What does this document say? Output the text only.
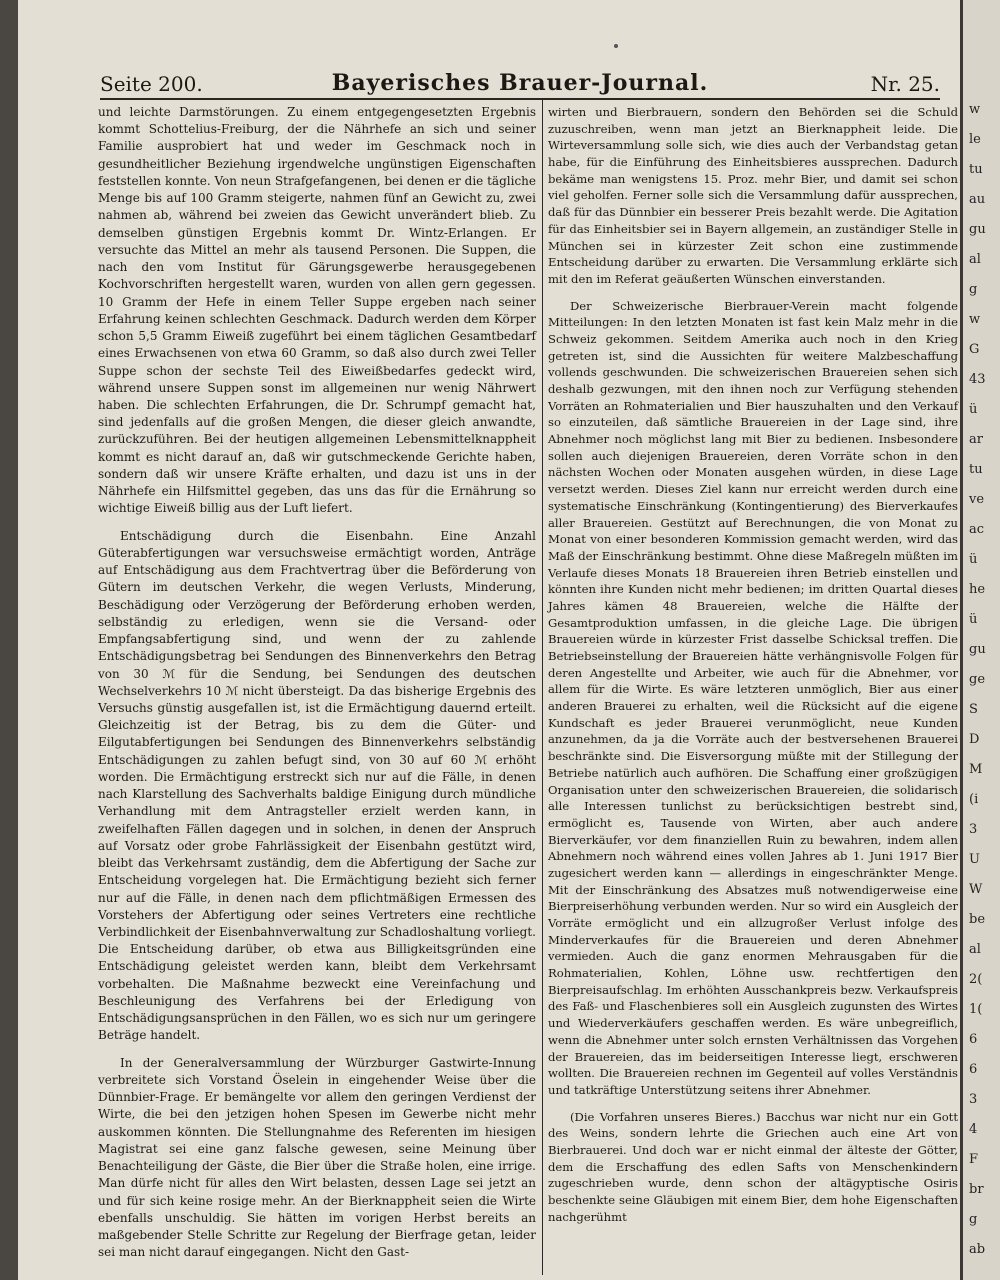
Seite 200.	Bayerisches Brauer-Journal.	Nr. 25.

und leichte Darmstörungen. Zu einem entgegengesetzten Ergebnis kommt Schottelius-Freiburg, der die Nährhefe an sich und seiner Familie ausprobiert hat und weder im Geschmack noch in gesundheitlicher Beziehung irgendwelche ungünstigen Eigenschaften feststellen konnte. Von neun Strafgefangenen, bei denen er die tägliche Menge bis auf 100 Gramm steigerte, nahmen fünf an Gewicht zu, zwei nahmen ab, während bei zweien das Gewicht unverändert blieb. Zu demselben günstigen Ergebnis kommt Dr. Wintz-Erlangen. Er versuchte das Mittel an mehr als tausend Personen. Die Suppen, die nach den vom Institut für Gärungsgewerbe herausgegebenen Kochvorschriften hergestellt waren, wurden von allen gern gegessen. 10 Gramm der Hefe in einem Teller Suppe ergeben nach seiner Erfahrung keinen schlechten Geschmack. Dadurch werden dem Körper schon 5,5 Gramm Eiweiß zugeführt bei einem täglichen Gesamtbedarf eines Erwachsenen von etwa 60 Gramm, so daß also durch zwei Teller Suppe schon der sechste Teil des Eiweißbedarfes gedeckt wird, während unsere Suppen sonst im allgemeinen nur wenig Nährwert haben. Die schlechten Erfahrungen, die Dr. Schrumpf gemacht hat, sind jedenfalls auf die großen Mengen, die dieser gleich anwandte, zurückzuführen. Bei der heutigen allgemeinen Lebensmittelknappheit kommt es nicht darauf an, daß wir gutschmeckende Gerichte haben, sondern daß wir unsere Kräfte erhalten, und dazu ist uns in der Nährhefe ein Hilfsmittel gegeben, das uns das für die Ernährung so wichtige Eiweiß billig aus der Luft liefert.

Entschädigung durch die Eisenbahn. Eine Anzahl Güterabfertigungen war versuchsweise ermächtigt worden, Anträge auf Entschädigung aus dem Frachtvertrag über die Beförderung von Gütern im deutschen Verkehr, die wegen Verlusts, Minderung, Beschädigung oder Verzögerung der Beförderung erhoben werden, selbständig zu erledigen, wenn sie die Versand- oder Empfangsabfertigung sind, und wenn der zu zahlende Entschädigungsbetrag bei Sendungen des Binnenverkehrs den Betrag von 30 ℳ für die Sendung, bei Sendungen des deutschen Wechselverkehrs 10 ℳ nicht übersteigt. Da das bisherige Ergebnis des Versuchs günstig ausgefallen ist, ist die Ermächtigung dauernd erteilt. Gleichzeitig ist der Betrag, bis zu dem die Güter- und Eilgutabfertigungen bei Sendungen des Binnenverkehrs selbständig Entschädigungen zu zahlen befugt sind, von 30 auf 60 ℳ erhöht worden. Die Ermächtigung erstreckt sich nur auf die Fälle, in denen nach Klarstellung des Sachverhalts baldige Einigung durch mündliche Verhandlung mit dem Antragsteller erzielt werden kann, in zweifelhaften Fällen dagegen und in solchen, in denen der Anspruch auf Vorsatz oder grobe Fahrlässigkeit der Eisenbahn gestützt wird, bleibt das Verkehrsamt zuständig, dem die Abfertigung der Sache zur Entscheidung vorgelegen hat. Die Ermächtigung bezieht sich ferner nur auf die Fälle, in denen nach dem pflichtmäßigen Ermessen des Vorstehers der Abfertigung oder seines Vertreters eine rechtliche Verbindlichkeit der Eisenbahnverwaltung zur Schadloshaltung vorliegt. Die Entscheidung darüber, ob etwa aus Billigkeitsgründen eine Entschädigung geleistet werden kann, bleibt dem Verkehrsamt vorbehalten. Die Maßnahme bezweckt eine Vereinfachung und Beschleunigung des Verfahrens bei der Erledigung von Entschädigungsansprüchen in den Fällen, wo es sich nur um geringere Beträge handelt.

In der Generalversammlung der Würzburger Gastwirte-Innung verbreitete sich Vorstand Öselein in eingehender Weise über die Dünnbier-Frage. Er bemängelte vor allem den geringen Verdienst der Wirte, die bei den jetzigen hohen Spesen im Gewerbe nicht mehr auskommen könnten. Die Stellungnahme des Referenten im hiesigen Magistrat sei eine ganz falsche gewesen, seine Meinung über Benachteiligung der Gäste, die Bier über die Straße holen, eine irrige. Man dürfe nicht für alles den Wirt belasten, dessen Lage sei jetzt an und für sich keine rosige mehr. An der Bierknappheit seien die Wirte ebenfalls unschuldig. Sie hätten im vorigen Herbst bereits an maßgebender Stelle Schritte zur Regelung der Bierfrage getan, leider sei man nicht darauf eingegangen. Nicht den Gast-

wirten und Bierbrauern, sondern den Behörden sei die Schuld zuzuschreiben, wenn man jetzt an Bierknappheit leide. Die Wirteversammlung solle sich, wie dies auch der Verbandstag getan habe, für die Einführung des Einheitsbieres aussprechen. Dadurch bekäme man wenigstens 15. Proz. mehr Bier, und damit sei schon viel geholfen. Ferner solle sich die Versammlung dafür aussprechen, daß für das Dünnbier ein besserer Preis bezahlt werde. Die Agitation für das Einheitsbier sei in Bayern allgemein, an zuständiger Stelle in München sei in kürzester Zeit schon eine zustimmende Entscheidung darüber zu erwarten. Die Versammlung erklärte sich mit den im Referat geäußerten Wünschen einverstanden.

Der Schweizerische Bierbrauer-Verein macht folgende Mitteilungen: In den letzten Monaten ist fast kein Malz mehr in die Schweiz gekommen. Seitdem Amerika auch noch in den Krieg getreten ist, sind die Aussichten für weitere Malzbeschaffung vollends geschwunden. Die schweizerischen Brauereien sehen sich deshalb gezwungen, mit den ihnen noch zur Verfügung stehenden Vorräten an Rohmaterialien und Bier hauszuhalten und den Verkauf so einzuteilen, daß sämtliche Brauereien in der Lage sind, ihre Abnehmer noch möglichst lang mit Bier zu bedienen. Insbesondere sollen auch diejenigen Brauereien, deren Vorräte schon in den nächsten Wochen oder Monaten ausgehen würden, in diese Lage versetzt werden. Dieses Ziel kann nur erreicht werden durch eine systematische Einschränkung (Kontingentierung) des Bierverkaufes aller Brauereien. Gestützt auf Berechnungen, die von Monat zu Monat von einer besonderen Kommission gemacht werden, wird das Maß der Einschränkung bestimmt. Ohne diese Maßregeln müßten im Verlaufe dieses Monats 18 Brauereien ihren Betrieb einstellen und könnten ihre Kunden nicht mehr bedienen; im dritten Quartal dieses Jahres kämen 48 Brauereien, welche die Hälfte der Gesamtproduktion umfassen, in die gleiche Lage. Die übrigen Brauereien würde in kürzester Frist dasselbe Schicksal treffen. Die Betriebseinstellung der Brauereien hätte verhängnisvolle Folgen für deren Angestellte und Arbeiter, wie auch für die Abnehmer, vor allem für die Wirte. Es wäre letzteren unmöglich, Bier aus einer anderen Brauerei zu erhalten, weil die Rücksicht auf die eigene Kundschaft es jeder Brauerei verunmöglicht, neue Kunden anzunehmen, da ja die Vorräte auch der bestversehenen Brauerei beschränkte sind. Die Eisversorgung müßte mit der Stillegung der Betriebe natürlich auch aufhören. Die Schaffung einer großzügigen Organisation unter den schweizerischen Brauereien, die solidarisch alle Interessen tunlichst zu berücksichtigen bestrebt sind, ermöglicht es, Tausende von Wirten, aber auch andere Bierverkäufer, vor dem finanziellen Ruin zu bewahren, indem allen Abnehmern noch während eines vollen Jahres ab 1. Juni 1917 Bier zugesichert werden kann — allerdings in eingeschränkter Menge. Mit der Einschränkung des Absatzes muß notwendigerweise eine Bierpreiserhöhung verbunden werden. Nur so wird ein Ausgleich der Vorräte ermöglicht und ein allzugroßer Verlust infolge des Minderverkaufes für die Brauereien und deren Abnehmer vermieden. Auch die ganz enormen Mehrausgaben für die Rohmaterialien, Kohlen, Löhne usw. rechtfertigen den Bierpreisaufschlag. Im erhöhten Ausschankpreis bezw. Verkaufspreis des Faß- und Flaschenbieres soll ein Ausgleich zugunsten des Wirtes und Wiederverkäufers geschaffen werden. Es wäre unbegreiflich, wenn die Abnehmer unter solch ernsten Verhältnissen das Vorgehen der Brauereien, das im beiderseitigen Interesse liegt, erschweren wollten. Die Brauereien rechnen im Gegenteil auf volles Verständnis und tatkräftige Unterstützung seitens ihrer Abnehmer.

(Die Vorfahren unseres Bieres.) Bacchus war nicht nur ein Gott des Weins, sondern lehrte die Griechen auch eine Art von Bierbrauerei. Und doch war er nicht einmal der älteste der Götter, dem die Erschaffung des edlen Safts von Menschenkindern zugeschrieben wurde, denn schon der altägyptische Osiris beschenkte seine Gläubigen mit einem Bier, dem hohe Eigenschaften nachgerühmt

w
le
tu
au
gu
al
g
w
G
43
ü
ar
tu
ve
ac
ü
he
ü
gu
ge
S
D
M
(i
3
U
W
be
al
2(
1(
6
6
3
4
F
br
g
ab
